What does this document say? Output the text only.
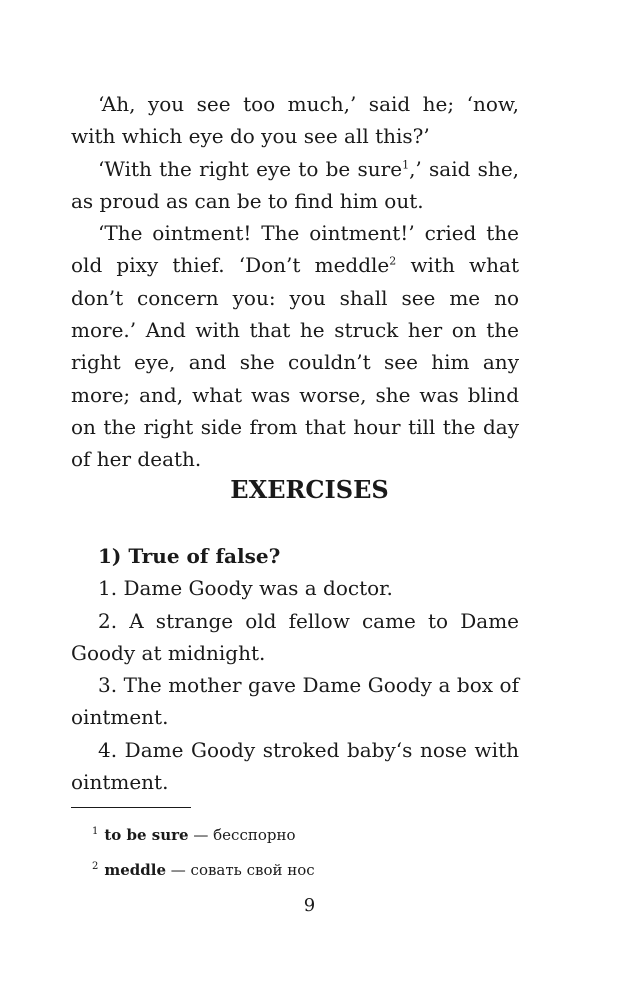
‘Ah, you see too much,’ said he; ‘now, with which eye do you see all this?’

‘With the right eye to be sure$^1$,’ said she, as proud as can be to find him out.

‘The ointment! The ointment!’ cried the old pixy thief. ‘Don’t meddle$^2$ with what don’t concern you: you shall see me no more.’ And with that he struck her on the right eye, and she couldn’t see him any more; and, what was worse, she was blind on the right side from that hour till the day of her death.

EXERCISES

1) True of false?

1. Dame Goody was a doctor.

2. A strange old fellow came to Dame Goody at midnight.

3. The mother gave Dame Goody a box of ointment.

4. Dame Goody stroked baby‘s nose with ointment.

$^1$ to be sure — бесспорно
$^2$ meddle — совать свой нос
9
